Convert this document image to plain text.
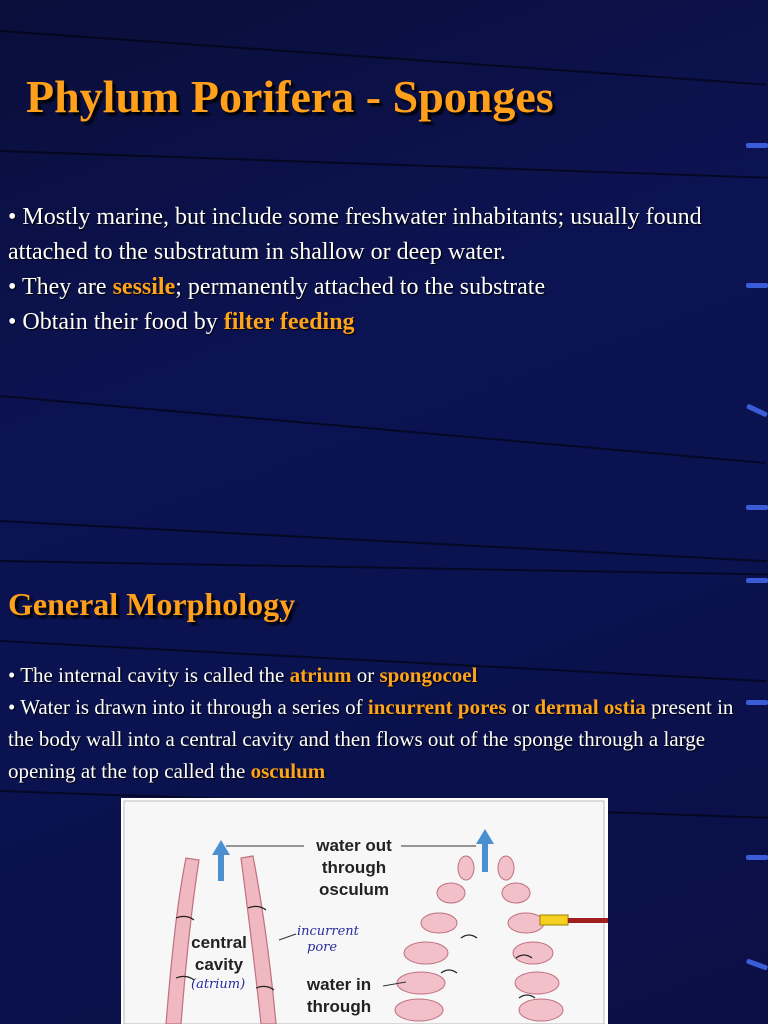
Phylum Porifera - Sponges

• Mostly marine, but include some freshwater inhabitants; usually found attached to the substratum in shallow or deep water.

• They are sessile; permanently attached to the substrate

• Obtain their food by filter feeding

General Morphology

• The internal cavity is called the atrium or spongocoel

• Water is drawn into it through a series of incurrent pores or dermal ostia present in the body wall into a central cavity and then flows out of the sponge through a large opening at the top called the osculum

water out
through
osculum
central
cavity
(atrium)
incurrent
pore
water in
through
